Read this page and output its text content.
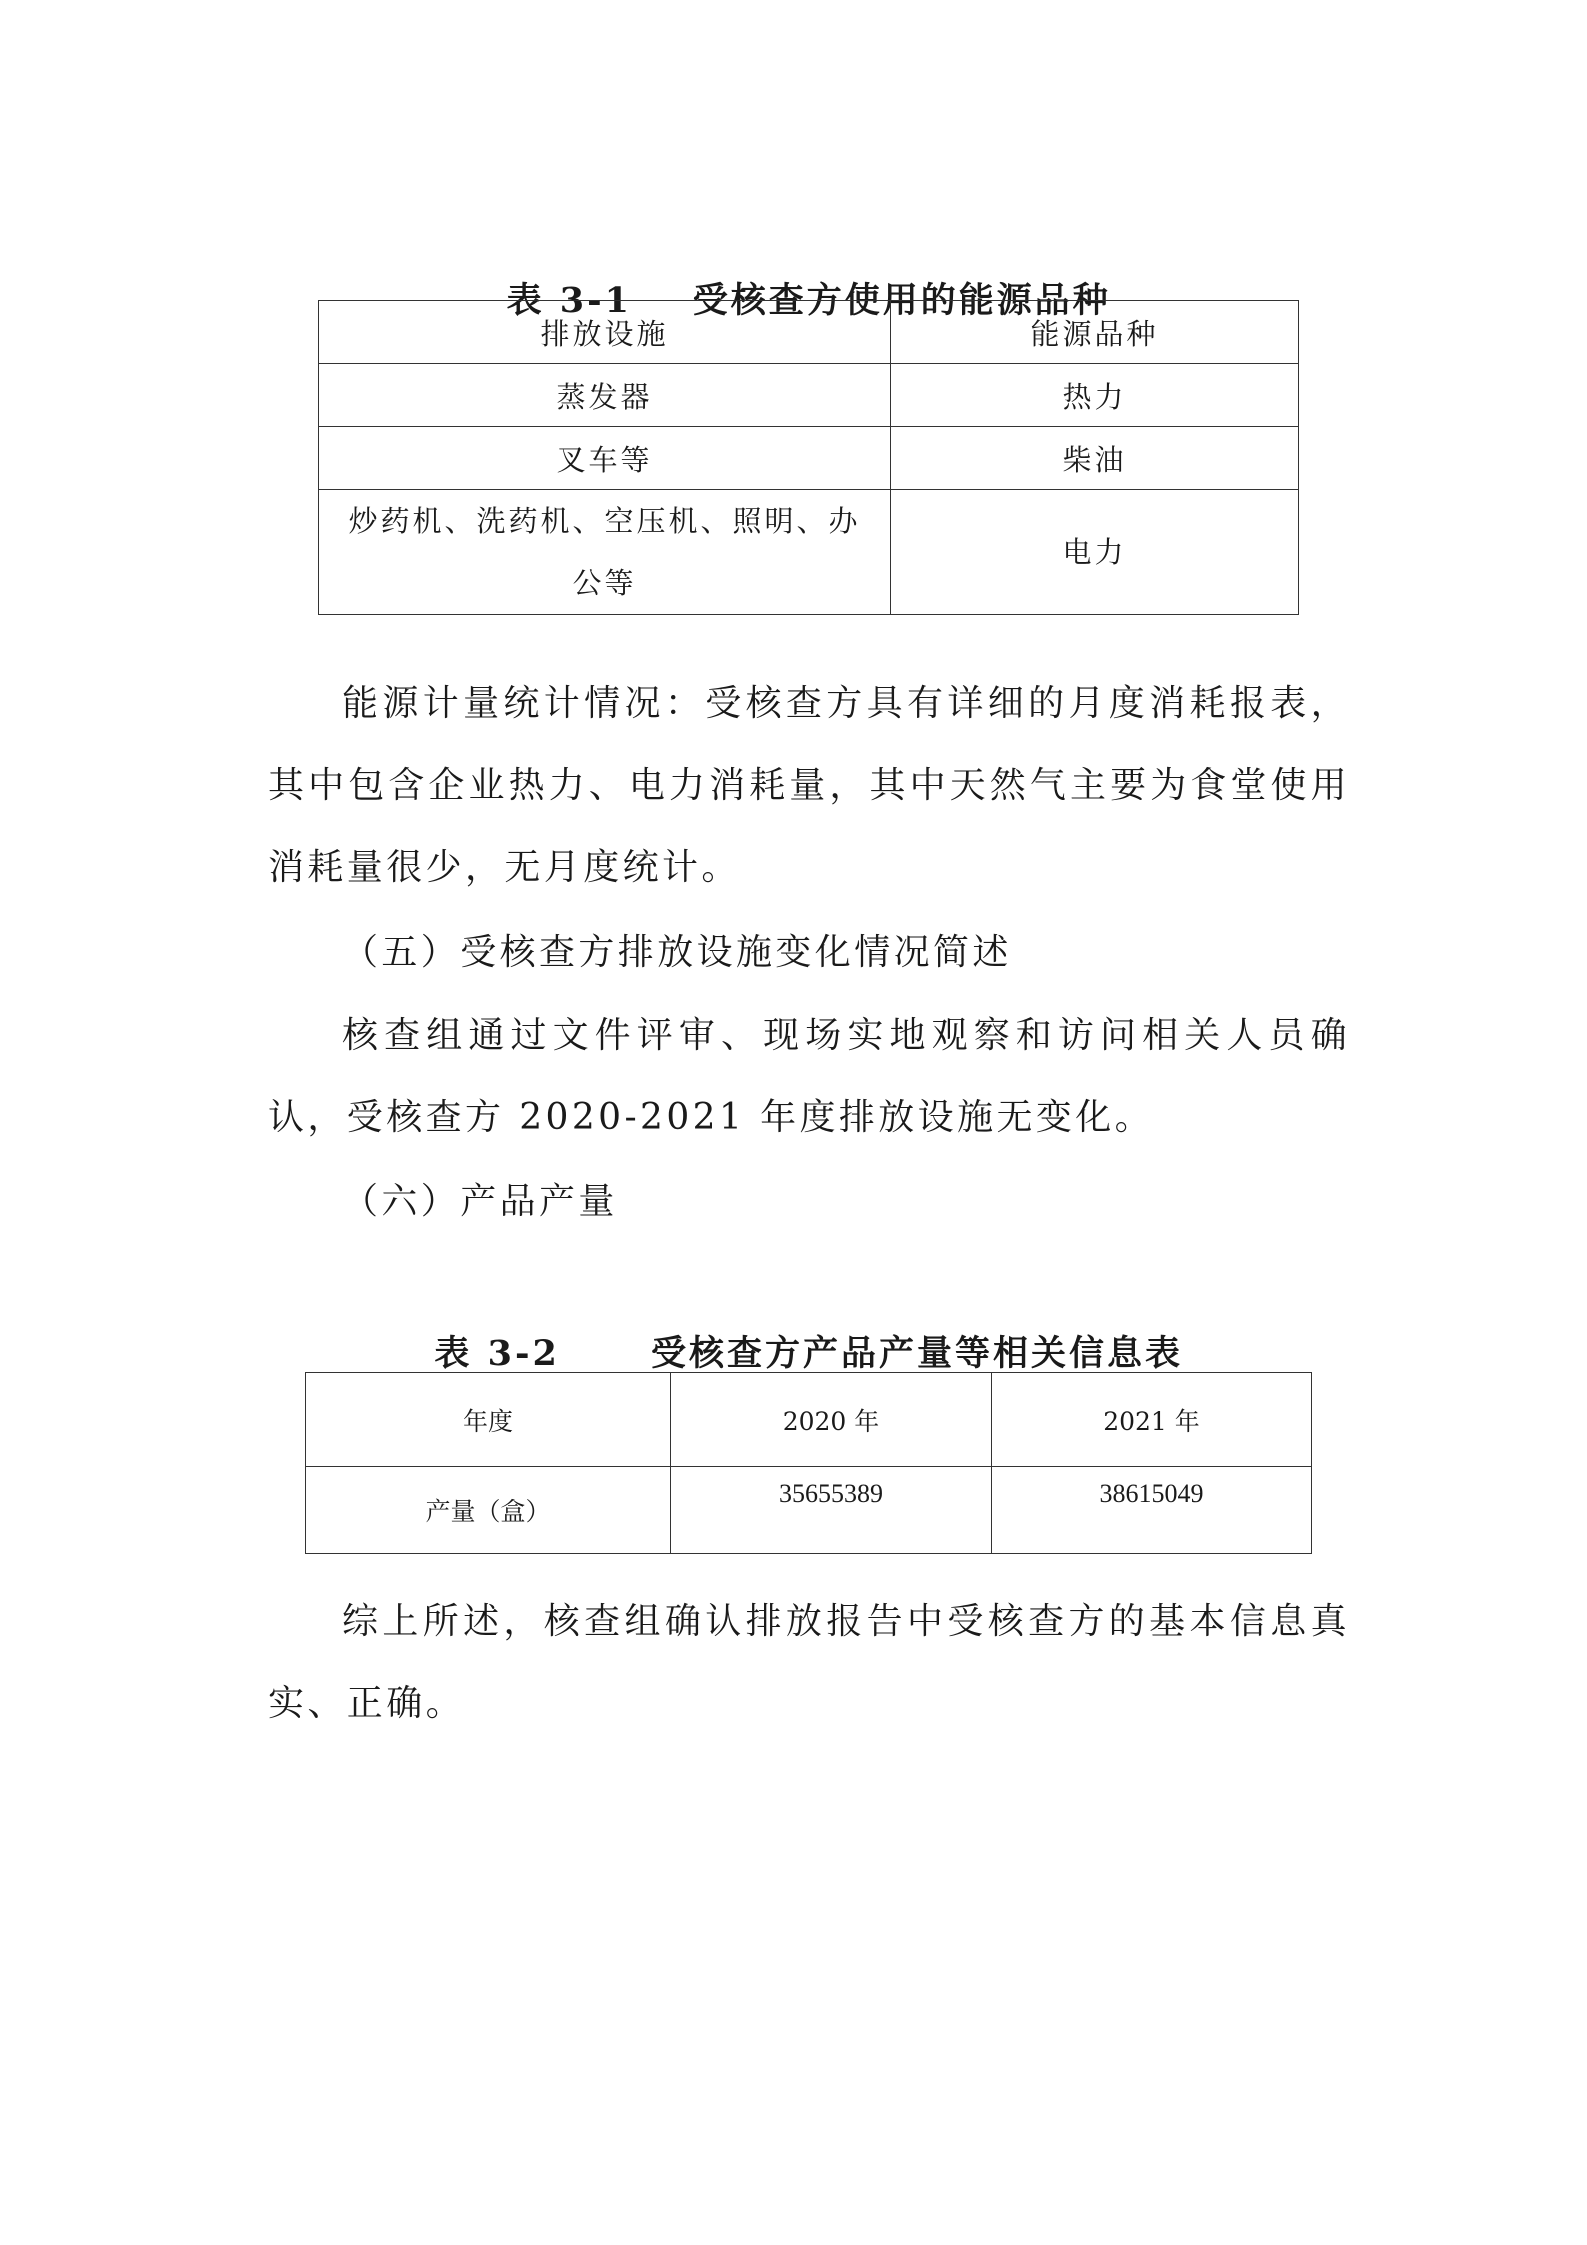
表 3-1 受核查方使用的能源品种

排放设施	能源品种
蒸发器	热力
叉车等	柴油
炒药机、洗药机、空压机、照明、办公等	电力
能源计量统计情况：受核查方具有详细的月度消耗报表，其中包含企业热力、电力消耗量，其中天然气主要为食堂使用消耗量很少，无月度统计。
（五）受核查方排放设施变化情况简述
核查组通过文件评审、现场实地观察和访问相关人员确认，受核查方 2020-2021 年度排放设施无变化。
（六）产品产量

表 3-2	受核查方产品产量等相关信息表

年度	2020 年	2021 年
产量（盒）	35655389	38615049
综上所述，核查组确认排放报告中受核查方的基本信息真实、正确。
